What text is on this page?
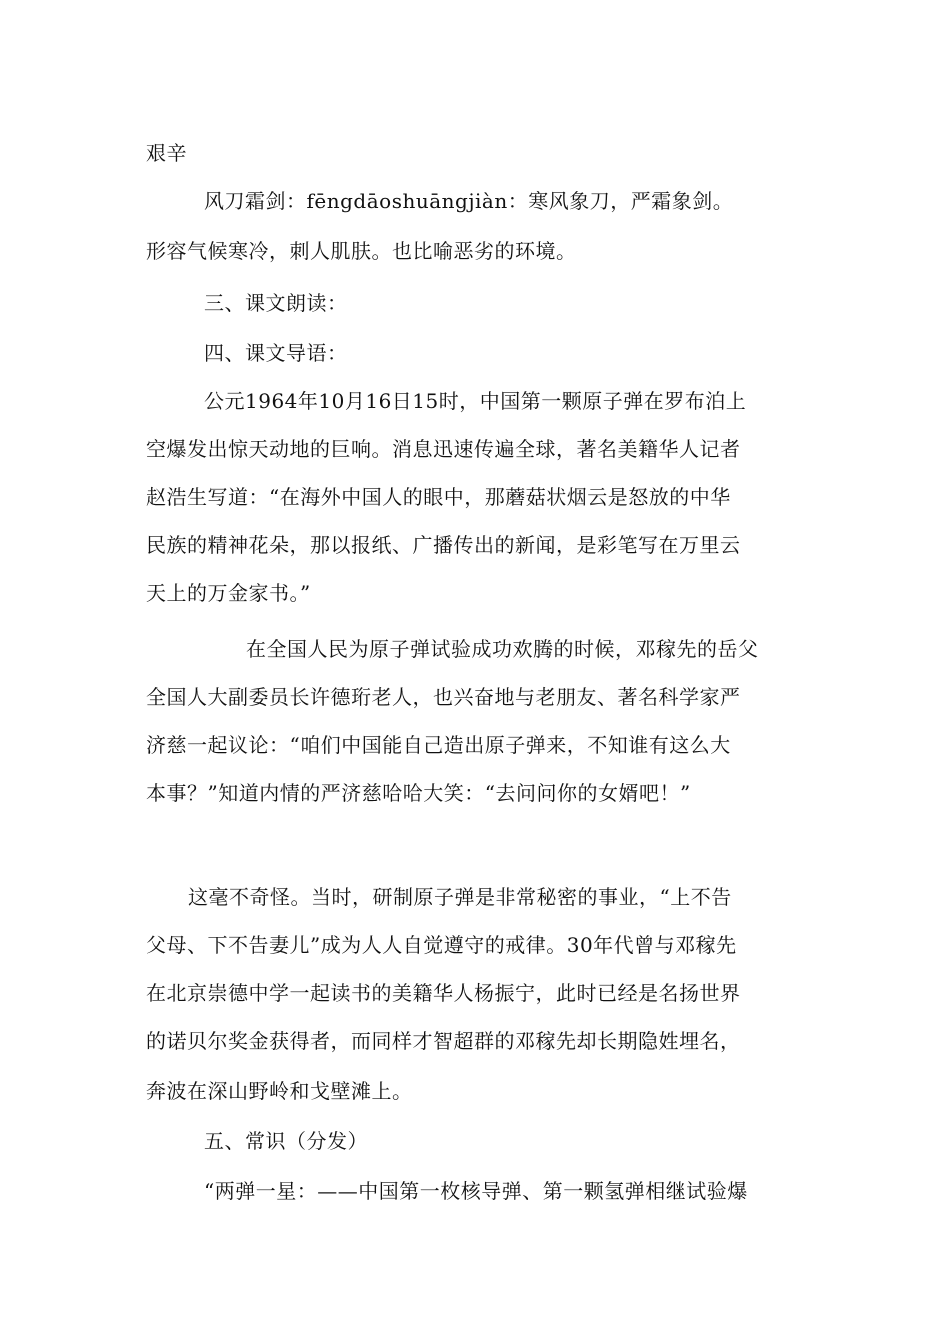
艰辛
风刀霜剑：fēngdāoshuāngjiàn：寒风象刀，严霜象剑。
形容气候寒冷，刺人肌肤。也比喻恶劣的环境。
三、课文朗读：
四、课文导语：
公元1964年10月16日15时，中国第一颗原子弹在罗布泊上
空爆发出惊天动地的巨响。消息迅速传遍全球，著名美籍华人记者
赵浩生写道：“在海外中国人的眼中，那蘑菇状烟云是怒放的中华
民族的精神花朵，那以报纸、广播传出的新闻，是彩笔写在万里云
天上的万金家书。”
在全国人民为原子弹试验成功欢腾的时候，邓稼先的岳父
全国人大副委员长许德珩老人，也兴奋地与老朋友、著名科学家严
济慈一起议论：“咱们中国能自己造出原子弹来，不知谁有这么大
本事？”知道内情的严济慈哈哈大笑：“去问问你的女婿吧！”
这毫不奇怪。当时，研制原子弹是非常秘密的事业，“上不告
父母、下不告妻儿”成为人人自觉遵守的戒律。30年代曾与邓稼先
在北京崇德中学一起读书的美籍华人杨振宁，此时已经是名扬世界
的诺贝尔奖金获得者，而同样才智超群的邓稼先却长期隐姓埋名，
奔波在深山野岭和戈壁滩上。
五、常识（分发）
“两弹一星：——中国第一枚核导弹、第一颗氢弹相继试验爆
